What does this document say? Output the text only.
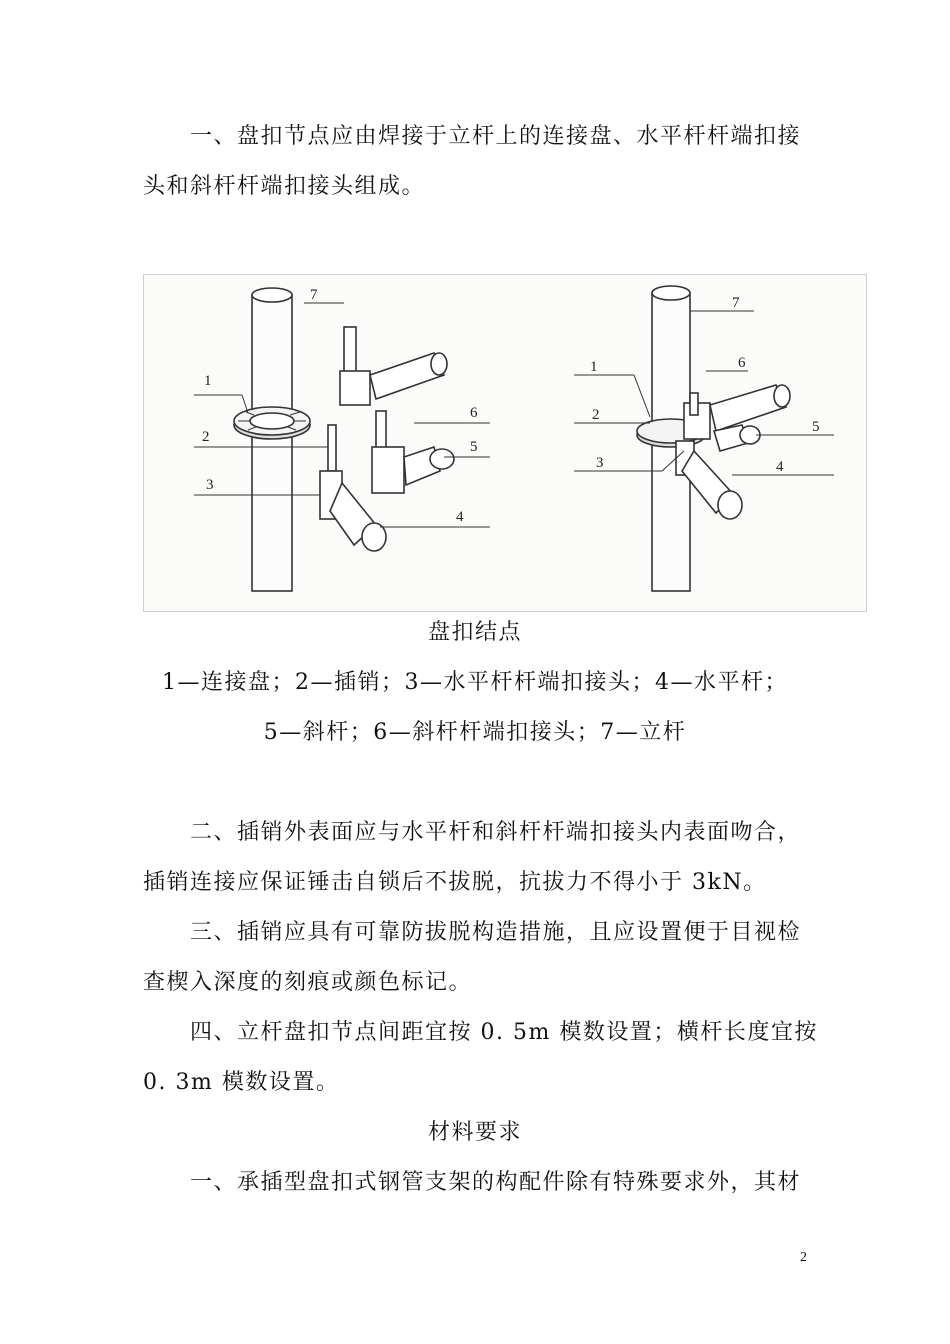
一、盘扣节点应由焊接于立杆上的连接盘、水平杆杆端扣接
头和斜杆杆端扣接头组成。
7
1
2
3
6
5
4
7
6
1
2
5
3	4
盘扣结点
1—连接盘；2—插销；3—水平杆杆端扣接头；4—水平杆；
5—斜杆；6—斜杆杆端扣接头；7—立杆
二、插销外表面应与水平杆和斜杆杆端扣接头内表面吻合，
插销连接应保证锤击自锁后不拔脱，抗拔力不得小于 3kN。
三、插销应具有可靠防拔脱构造措施，且应设置便于目视检
查楔入深度的刻痕或颜色标记。
四、立杆盘扣节点间距宜按 0. 5m 模数设置；横杆长度宜按
0. 3m 模数设置。
材料要求
一、承插型盘扣式钢管支架的构配件除有特殊要求外，其材
2
